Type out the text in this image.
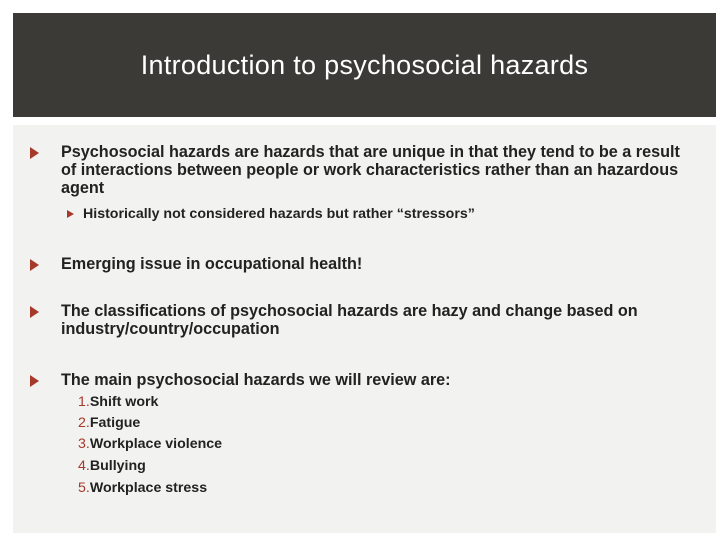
Introduction to psychosocial hazards
Psychosocial hazards are hazards that are unique in that they tend to be a result of interactions between people or work characteristics rather than an hazardous agent
Historically not considered hazards but rather “stressors”
Emerging issue in occupational health!
The classifications of psychosocial hazards are hazy and change based on industry/country/occupation
The main psychosocial hazards we will review are:
1.Shift work
2.Fatigue
3.Workplace violence
4.Bullying
5.Workplace stress
